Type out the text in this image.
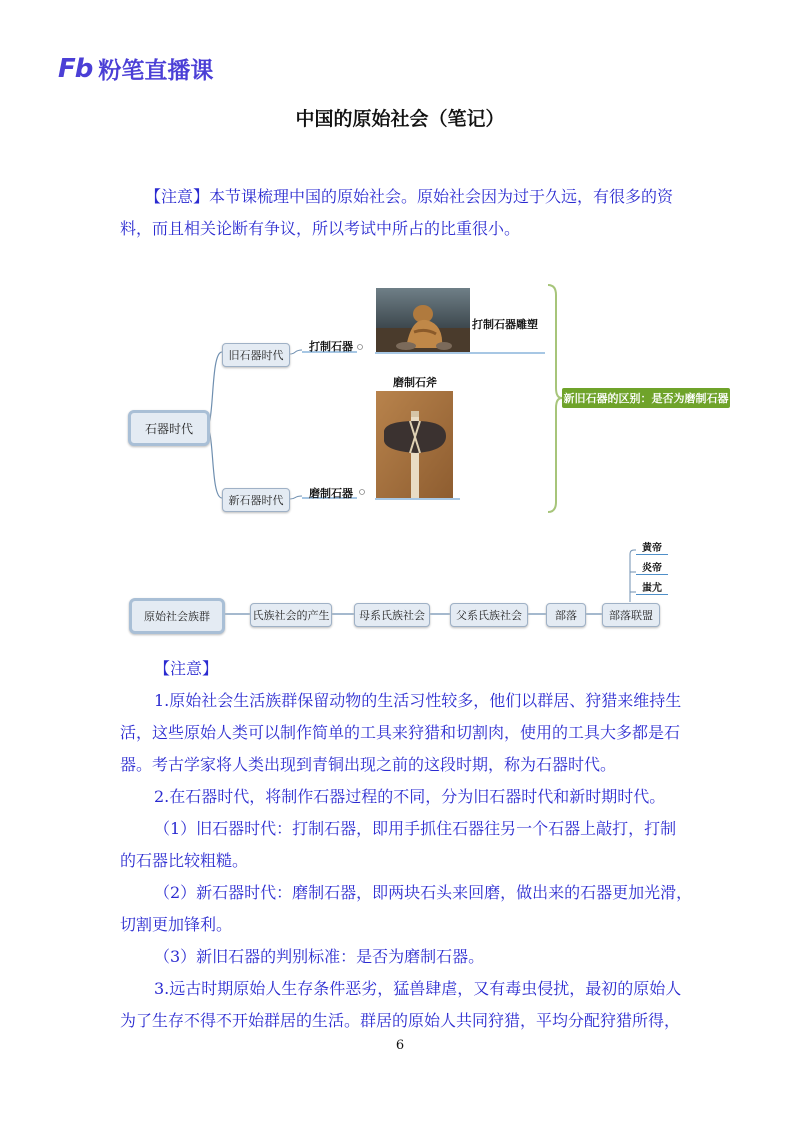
Fb 粉笔直播课
中国的原始社会（笔记）
【注意】本节课梳理中国的原始社会。原始社会因为过于久远，有很多的资
料，而且相关论断有争议，所以考试中所占的比重很小。
石器时代
旧石器时代
新石器时代
打制石器
磨制石器
打制石器雕塑
磨制石斧
新旧石器的区别：是否为磨制石器
原始社会族群	氏族社会的产生	母系氏族社会	父系氏族社会	部落	部落联盟
黄帝
炎帝
蚩尤
【注意】
1.原始社会生活族群保留动物的生活习性较多，他们以群居、狩猎来维持生
活，这些原始人类可以制作简单的工具来狩猎和切割肉，使用的工具大多都是石
器。考古学家将人类出现到青铜出现之前的这段时期，称为石器时代。
2.在石器时代，将制作石器过程的不同，分为旧石器时代和新时期时代。
（1）旧石器时代：打制石器，即用手抓住石器往另一个石器上敲打，打制
的石器比较粗糙。
（2）新石器时代：磨制石器，即两块石头来回磨，做出来的石器更加光滑，
切割更加锋利。
（3）新旧石器的判别标准：是否为磨制石器。
3.远古时期原始人生存条件恶劣，猛兽肆虐，又有毒虫侵扰，最初的原始人
为了生存不得不开始群居的生活。群居的原始人共同狩猎，平均分配狩猎所得，
6
